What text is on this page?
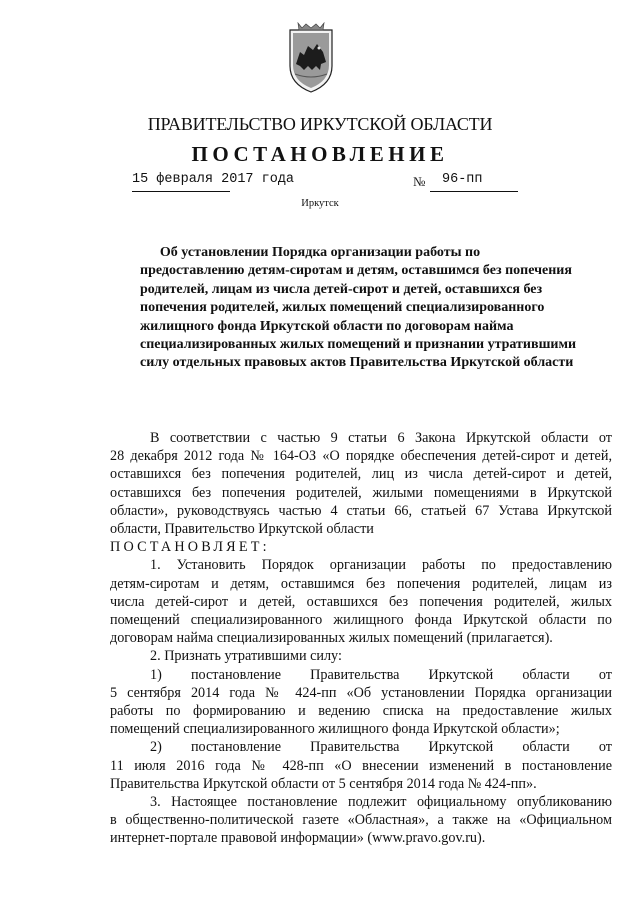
ПРАВИТЕЛЬСТВО ИРКУТСКОЙ ОБЛАСТИ
ПОСТАНОВЛЕНИЕ
15 февраля 2017 года	№ 96-пп
Иркутск
Об установлении Порядка организации работы по
предоставлению детям-сиротам и детям, оставшимся без попечения
родителей, лицам из числа детей-сирот и детей, оставшихся без
попечения родителей, жилых помещений специализированного
жилищного фонда Иркутской области по договорам найма
специализированных жилых помещений и признании утратившими
силу отдельных правовых актов Правительства Иркутской области
В соответствии с частью 9 статьи 6 Закона Иркутской области от
28 декабря 2012 года № 164-ОЗ «О порядке обеспечения детей-сирот и детей,
оставшихся без попечения родителей, лиц из числа детей-сирот и детей,
оставшихся без попечения родителей, жилыми помещениями в Иркутской
области», руководствуясь частью 4 статьи 66, статьей 67 Устава Иркутской
области, Правительство Иркутской области
ПОСТАНОВЛЯЕТ:
1. Установить Порядок организации работы по предоставлению
детям-сиротам и детям, оставшимся без попечения родителей, лицам из
числа детей-сирот и детей, оставшихся без попечения родителей, жилых
помещений специализированного жилищного фонда Иркутской области по
договорам найма специализированных жилых помещений (прилагается).
2. Признать утратившими силу:
1) постановление Правительства Иркутской области от
5 сентября 2014 года № 424-пп «Об установлении Порядка организации
работы по формированию и ведению списка на предоставление жилых
помещений специализированного жилищного фонда Иркутской области»;
2) постановление Правительства Иркутской области от
11 июля 2016 года № 428-пп «О внесении изменений в постановление
Правительства Иркутской области от 5 сентября 2014 года № 424-пп».
3. Настоящее постановление подлежит официальному опубликованию
в общественно-политической газете «Областная», а также на «Официальном
интернет-портале правовой информации» (www.pravo.gov.ru).
